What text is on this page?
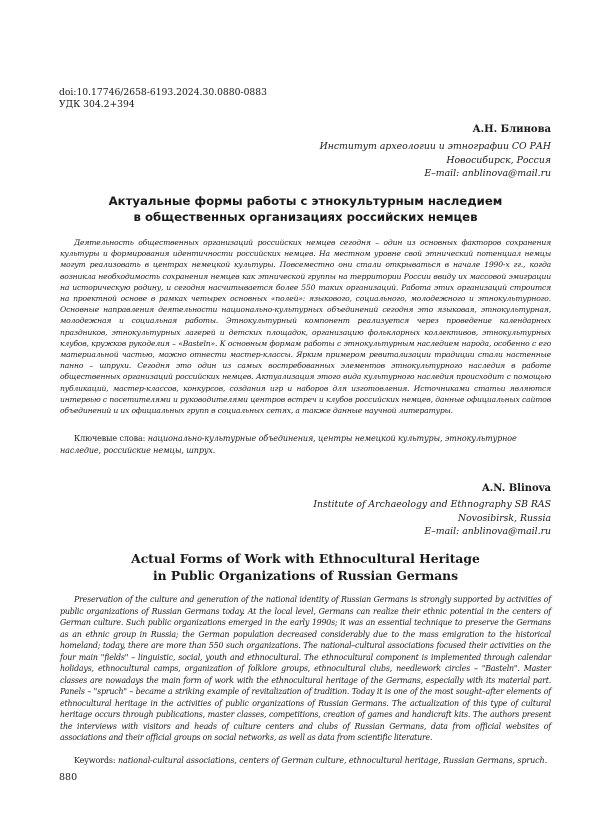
doi:10.17746/2658-6193.2024.30.0880-0883
УДК 304.2+394
А.Н. Блинова
Институт археологии и этнографии СО РАН
Новосибирск, Россия
E–mail: anblinova@mail.ru
Актуальные формы работы с этнокультурным наследием
в общественных организациях российских немцев

Деятельность общественных организаций российских немцев сегодня – один из основных факторов сохранения культуры и формирования идентичности российских немцев. На местном уровне свой этнический потенциал немцы могут реализовать в центрах немецкой культуры. Повсеместно они стали открываться в начале 1990-х гг., когда возникла необходимость сохранения немцев как этнической группы на территории России ввиду их массовой эмиграции на историческую родину, и сегодня насчитывается более 550 таких организаций. Работа этих организаций строится на проектной основе в рамках четырех основных «полей»: языкового, социального, молодежного и этнокультурного. Основные направления деятельности национально-культурных объединений сегодня это языковая, этнокультурная, молодежная и социальная работы. Этнокультурный компонент реализуется через проведение календарных праздников, этнокультурных лагерей и детских площадок, организацию фольклорных коллективов, этнокультурных клубов, кружков рукоделия – «Basteln». К основным формам работы с этнокультурным наследием народа, особенно с его материальной частью, можно отнести мастер-классы. Ярким примером ревитализации традиции стали настенные панно – шпрухи. Сегодня это один из самых востребованных элементов этнокультурного наследия в работе общественных организаций российских немцев. Актуализация этого вида культурного наследия происходит с помощью публикаций, мастер-классов, конкурсов, создания игр и наборов для изготовления. Источниками статьи являются интервью с посетителями и руководителями центров встреч и клубов российских немцев, данные официальных сайтов объединений и их официальных групп в социальных сетях, а также данные научной литературы.

Ключевые слова: национально-культурные объединения, центры немецкой культуры, этнокультурное наследие, российские немцы, шпрух.

A.N. Blinova
Institute of Archaeology and Ethnography SB RAS
Novosibirsk, Russia
E–mail: anblinova@mail.ru
Actual Forms of Work with Ethnocultural Heritage
in Public Organizations of Russian Germans

Preservation of the culture and generation of the national identity of Russian Germans is strongly supported by activities of public organizations of Russian Germans today. At the local level, Germans can realize their ethnic potential in the centers of German culture. Such public organizations emerged in the early 1990s; it was an essential technique to preserve the Germans as an ethnic group in Russia; the German population decreased considerably due to the mass emigration to the historical homeland; today, there are more than 550 such organizations. The national–cultural associations focused their activities on the four main "fields" – linguistic, social, youth and ethnocultural. The ethnocultural component is implemented through calendar holidays, ethnocultural camps, organization of folklore groups, ethnocultural clubs, needlework circles – "Basteln". Master classes are nowadays the main form of work with the ethnocultural heritage of the Germans, especially with its material part. Panels – "spruch" – became a striking example of revitalization of tradition. Today it is one of the most sought–after elements of ethnocultural heritage in the activities of public organizations of Russian Germans. The actualization of this type of cultural heritage occurs through publications, master classes, competitions, creation of games and handicraft kits. The authors present the interviews with visitors and heads of culture centers and clubs of Russian Germans, data from official websites of associations and their official groups on social networks, as well as data from scientific literature.

Keywords: national-cultural associations, centers of German culture, ethnocultural heritage, Russian Germans, spruch.

880
